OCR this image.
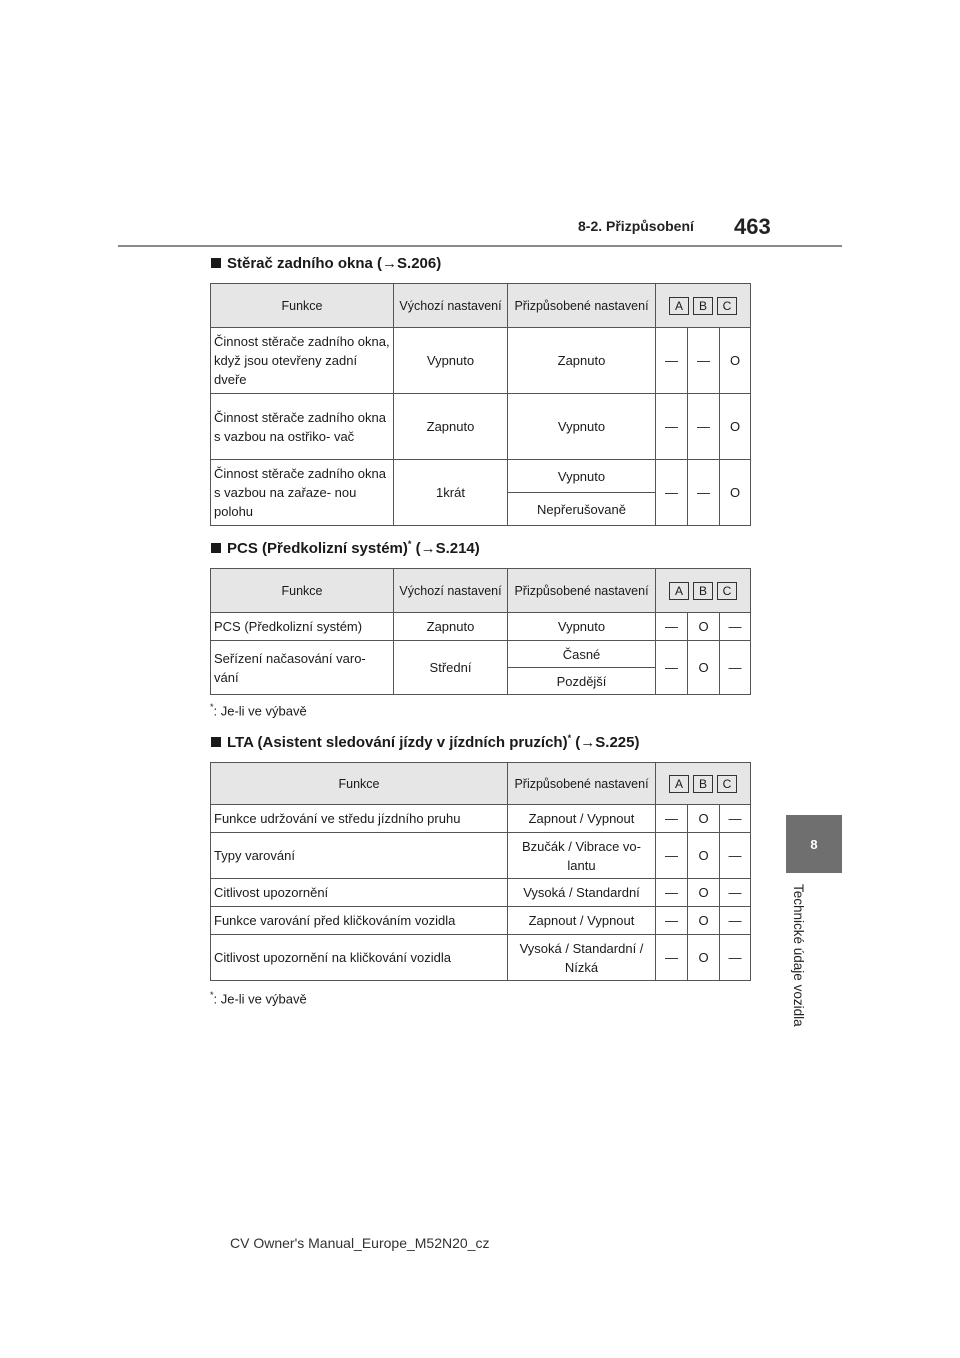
8-2. Přizpůsobení 463
8
Technické údaje vozidla
Stěrač zadního okna (→S.206)
Funkce	Výchozí nastavení	Přizpůsobené nastavení	A B C		

Činnost stěrače zadního okna, když jsou otevřeny zadní dveře	Vypnuto	Zapnuto	—	—	O
Činnost stěrače zadního okna s vazbou na ostřiko- vač	Zapnuto	Vypnuto	—	—	O
Činnost stěrače zadního okna s vazbou na zařaze- nou polohu	1krát	Vypnuto	—	—	O
		Nepřerušovaně			
PCS (Předkolizní systém)* (→S.214)
Funkce	Výchozí nastavení	Přizpůsobené nastavení	A B C		

PCS (Předkolizní systém)	Zapnuto	Vypnuto	—	O	—
Seřízení načasování varo- vání	Střední	Časné	—	O	—
		Pozdější			
*: Je-li ve výbavě
LTA (Asistent sledování jízdy v jízdních pruzích)* (→S.225)
Funkce	Přizpůsobené nastavení	A B C		

Funkce udržování ve středu jízdního pruhu	Zapnout / Vypnout	—	O	—
Typy varování	Bzučák / Vibrace vo- lantu	—	O	—
Citlivost upozornění	Vysoká / Standardní	—	O	—
Funkce varování před kličkováním vozidla	Zapnout / Vypnout	—	O	—
Citlivost upozornění na kličkování vozidla	Vysoká / Standardní / Nízká	—	O	—
*: Je-li ve výbavě
CV Owner's Manual_Europe_M52N20_cz
